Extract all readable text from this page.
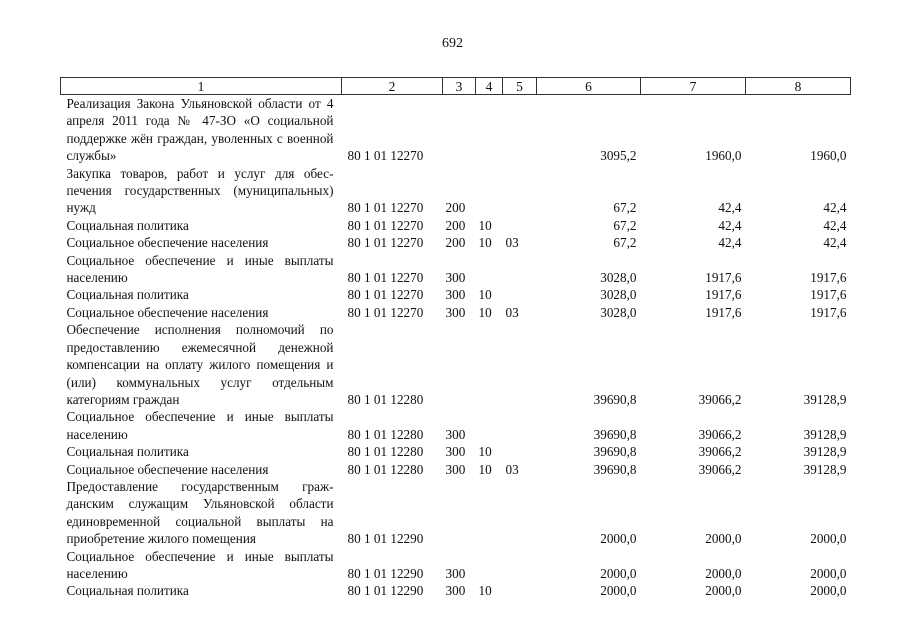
692
1	2	3	4	5	6	7	8
Реализация Закона Ульяновской области от 4 апреля 2011 года № 47-ЗО «О социальной поддержке жён граждан, уволенных с военной службы»	80 1 01 12270				3095,2	1960,0	1960,0
Закупка товаров, работ и услуг для обеспечения государственных (муниципальных) нужд	80 1 01 12270	200			67,2	42,4	42,4
Социальная политика	80 1 01 12270	200	10		67,2	42,4	42,4
Социальное обеспечение населения	80 1 01 12270	200	10	03	67,2	42,4	42,4
Социальное обеспечение и иные выплаты населению	80 1 01 12270	300			3028,0	1917,6	1917,6
Социальная политика	80 1 01 12270	300	10		3028,0	1917,6	1917,6
Социальное обеспечение населения	80 1 01 12270	300	10	03	3028,0	1917,6	1917,6
Обеспечение исполнения полномочий по предоставлению ежемесячной денежной компенсации на оплату жилого помещения и (или) коммунальных услуг отдельным категориям граждан	80 1 01 12280				39690,8	39066,2	39128,9
Социальное обеспечение и иные выплаты населению	80 1 01 12280	300			39690,8	39066,2	39128,9
Социальная политика	80 1 01 12280	300	10		39690,8	39066,2	39128,9
Социальное обеспечение населения	80 1 01 12280	300	10	03	39690,8	39066,2	39128,9
Предоставление государственным гражданским служащим Ульяновской области единовременной социальной выплаты на приобретение жилого помещения	80 1 01 12290				2000,0	2000,0	2000,0
Социальное обеспечение и иные выплаты населению	80 1 01 12290	300			2000,0	2000,0	2000,0
Социальная политика	80 1 01 12290	300	10		2000,0	2000,0	2000,0
